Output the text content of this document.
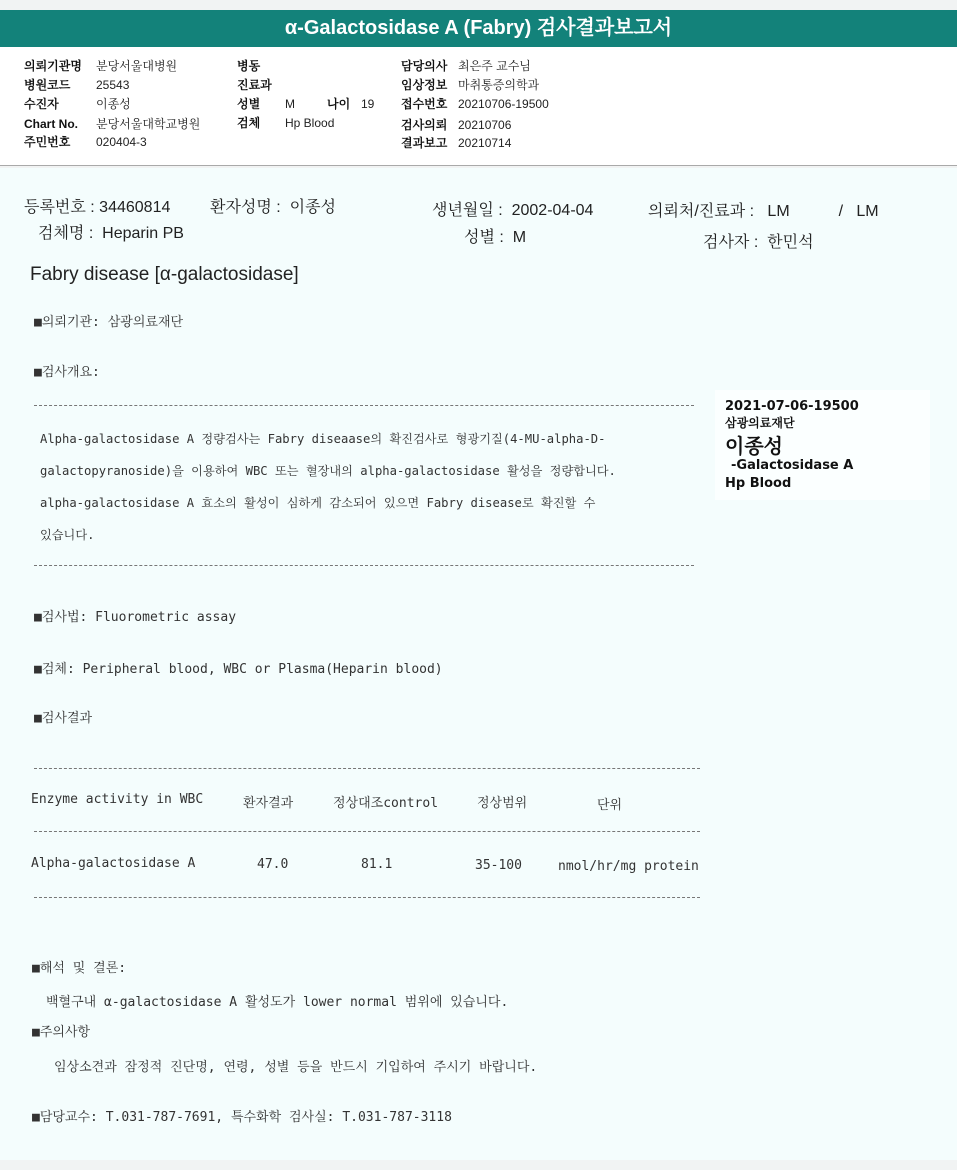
α-Galactosidase A (Fabry) 검사결과보고서
의뢰기관명 분당서울대병원
병원코드 25543
수진자	이종성
Chart No. 분당서울대학교병원
주민번호 020404-3
병동
진료과
성별 M	나이 19
검체 Hp Blood
담당의사 최은주 교수님
임상정보 마취통증의학과
접수번호 20210706-19500
검사의뢰 20210706
결과보고 20210714
등록번호 : 34460814 환자성명 : 이종성	생년월일 : 2002-04-04	의뢰처/진료과 : LM	/ LM
검체명 : Heparin PB	성별 : M	검사자 : 한민석
Fabry disease [α-galactosidase]
■의뢰기관: 삼광의료재단
■검사개요:
Alpha-galactosidase A 정량검사는 Fabry diseaase의 확진검사로 형광기질(4-MU-alpha-D-
galactopyranoside)을 이용하여 WBC 또는 혈장내의 alpha-galactosidase 활성을 정량합니다.
alpha-galactosidase A 효소의 활성이 심하게 감소되어 있으면 Fabry disease로 확진할 수
있습니다.
■검사법: Fluorometric assay
■검체: Peripheral blood, WBC or Plasma(Heparin blood)
■검사결과
Enzyme activity in WBC	환자결과	정상대조control	정상범위	단위
Alpha-galactosidase A	47.0	81.1	35-100	nmol/hr/mg protein
■해석 및 결론:
백혈구내 α-galactosidase A 활성도가 lower normal 범위에 있습니다.
■주의사항
임상소견과 잠정적 진단명, 연령, 성별 등을 반드시 기입하여 주시기 바랍니다.
■담당교수: T.031-787-7691, 특수화학 검사실: T.031-787-3118
2021-07-06-19500
삼광의료재단
이종성
-Galactosidase A
Hp Blood
